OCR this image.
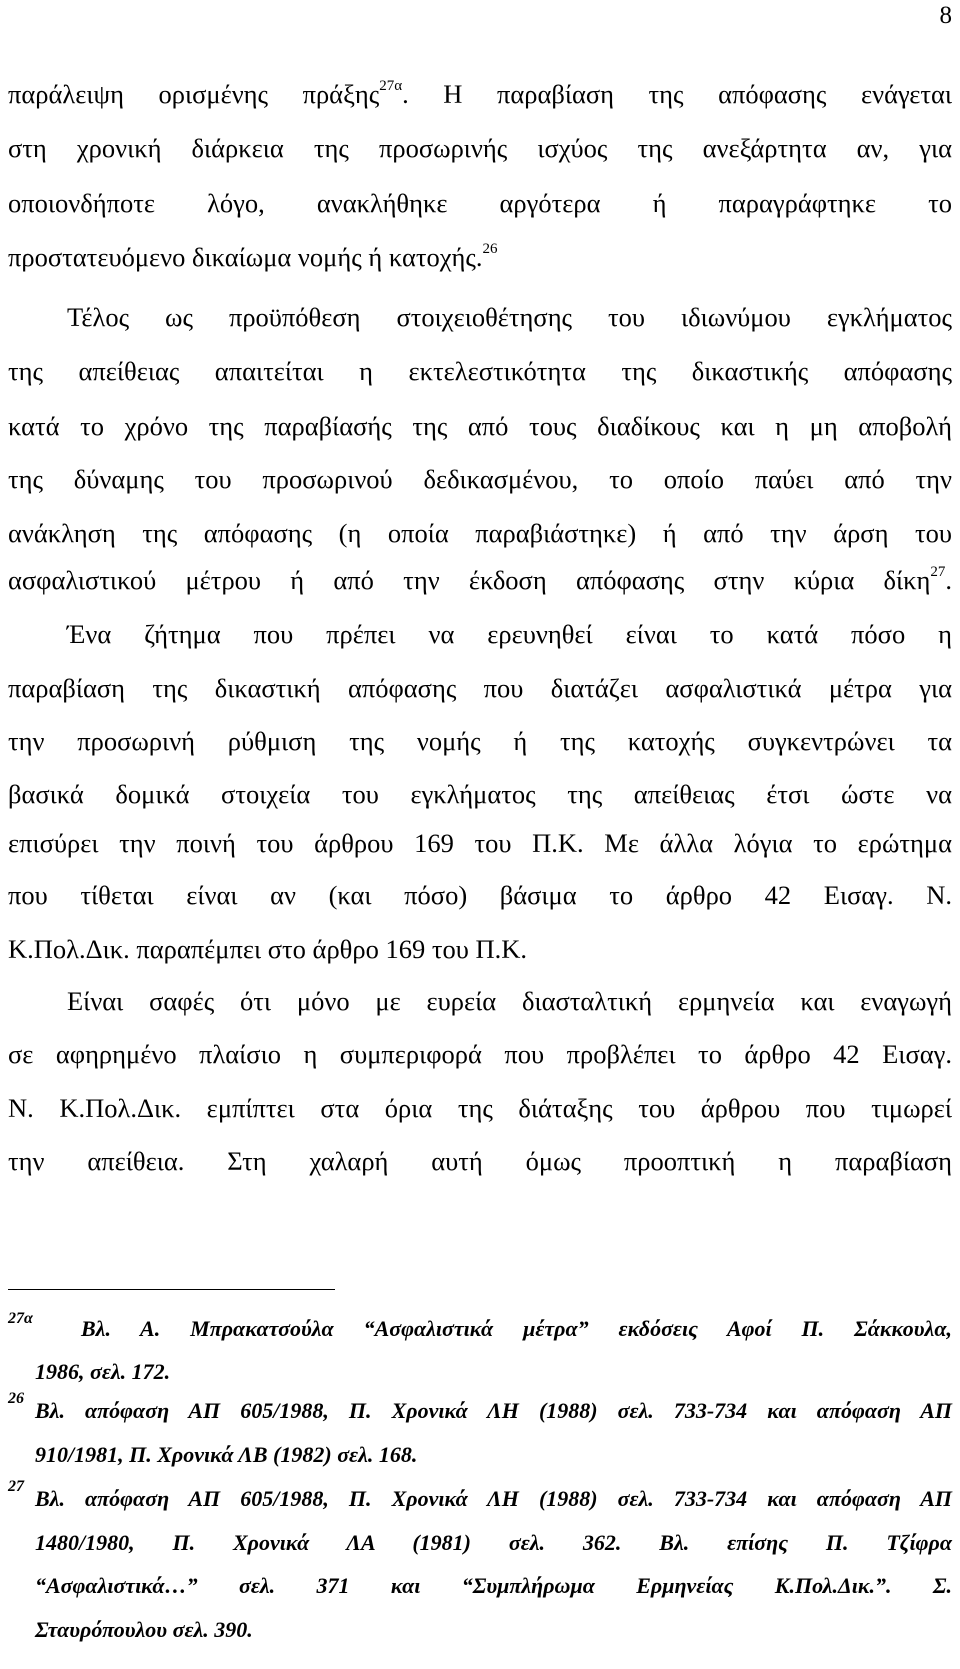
8
παράλειψη ορισμένης πράξης$^{27\alpha}$. Η παραβίαση της απόφασης ενάγεται
στη χρονική διάρκεια της προσωρινής ισχύος της ανεξάρτητα αν, για
οποιονδήποτε λόγο, ανακλήθηκε αργότερα ή παραγράφτηκε το
προστατευόμενο δικαίωμα νομής ή κατοχής.$^{26}$
Τέλος ως προϋπόθεση στοιχειοθέτησης του ιδιωνύμου εγκλήματος
της απείθειας απαιτείται η εκτελεστικότητα της δικαστικής απόφασης
κατά το χρόνο της παραβίασής της από τους διαδίκους και η μη αποβολή
της δύναμης του προσωρινού δεδικασμένου, το οποίο παύει από την
ανάκληση της απόφασης (η οποία παραβιάστηκε) ή από την άρση του
ασφαλιστικού μέτρου ή από την έκδοση απόφασης στην κύρια δίκη$^{27}$.
Ένα ζήτημα που πρέπει να ερευνηθεί είναι το κατά πόσο η
παραβίαση της δικαστική απόφασης που διατάζει ασφαλιστικά μέτρα για
την προσωρινή ρύθμιση της νομής ή της κατοχής συγκεντρώνει τα
βασικά δομικά στοιχεία του εγκλήματος της απείθειας έτσι ώστε να
επισύρει την ποινή του άρθρου 169 του Π.Κ. Με άλλα λόγια το ερώτημα
που τίθεται είναι αν (και πόσο) βάσιμα το άρθρο 42 Εισαγ. Ν.
Κ.Πολ.Δικ. παραπέμπει στο άρθρο 169 του Π.Κ.
Είναι σαφές ότι μόνο με ευρεία διασταλτική ερμηνεία και εναγωγή
σε αφηρημένο πλαίσιο η συμπεριφορά που προβλέπει το άρθρο 42 Εισαγ.
Ν. Κ.Πολ.Δικ. εμπίπτει στα όρια της διάταξης του άρθρου που τιμωρεί
την απείθεια. Στη χαλαρή αυτή όμως προοπτική η παραβίαση
27α Βλ. Α. Μπρακατσούλα “Ασφαλιστικά μέτρα” εκδόσεις Αφοί Π. Σάκκουλα,
1986, σελ. 172.
26 Βλ. απόφαση ΑΠ 605/1988, Π. Χρονικά ΛΗ (1988) σελ. 733-734 και απόφαση ΑΠ
910/1981, Π. Χρονικά ΛΒ (1982) σελ. 168.
27 Βλ. απόφαση ΑΠ 605/1988, Π. Χρονικά ΛΗ (1988) σελ. 733-734 και απόφαση ΑΠ
1480/1980, Π. Χρονικά ΛΑ (1981) σελ. 362. Βλ. επίσης Π. Τζίφρα
“Ασφαλιστικά…” σελ. 371 και “Συμπλήρωμα Ερμηνείας Κ.Πολ.Δικ.”. Σ.
Σταυρόπουλου σελ. 390.
